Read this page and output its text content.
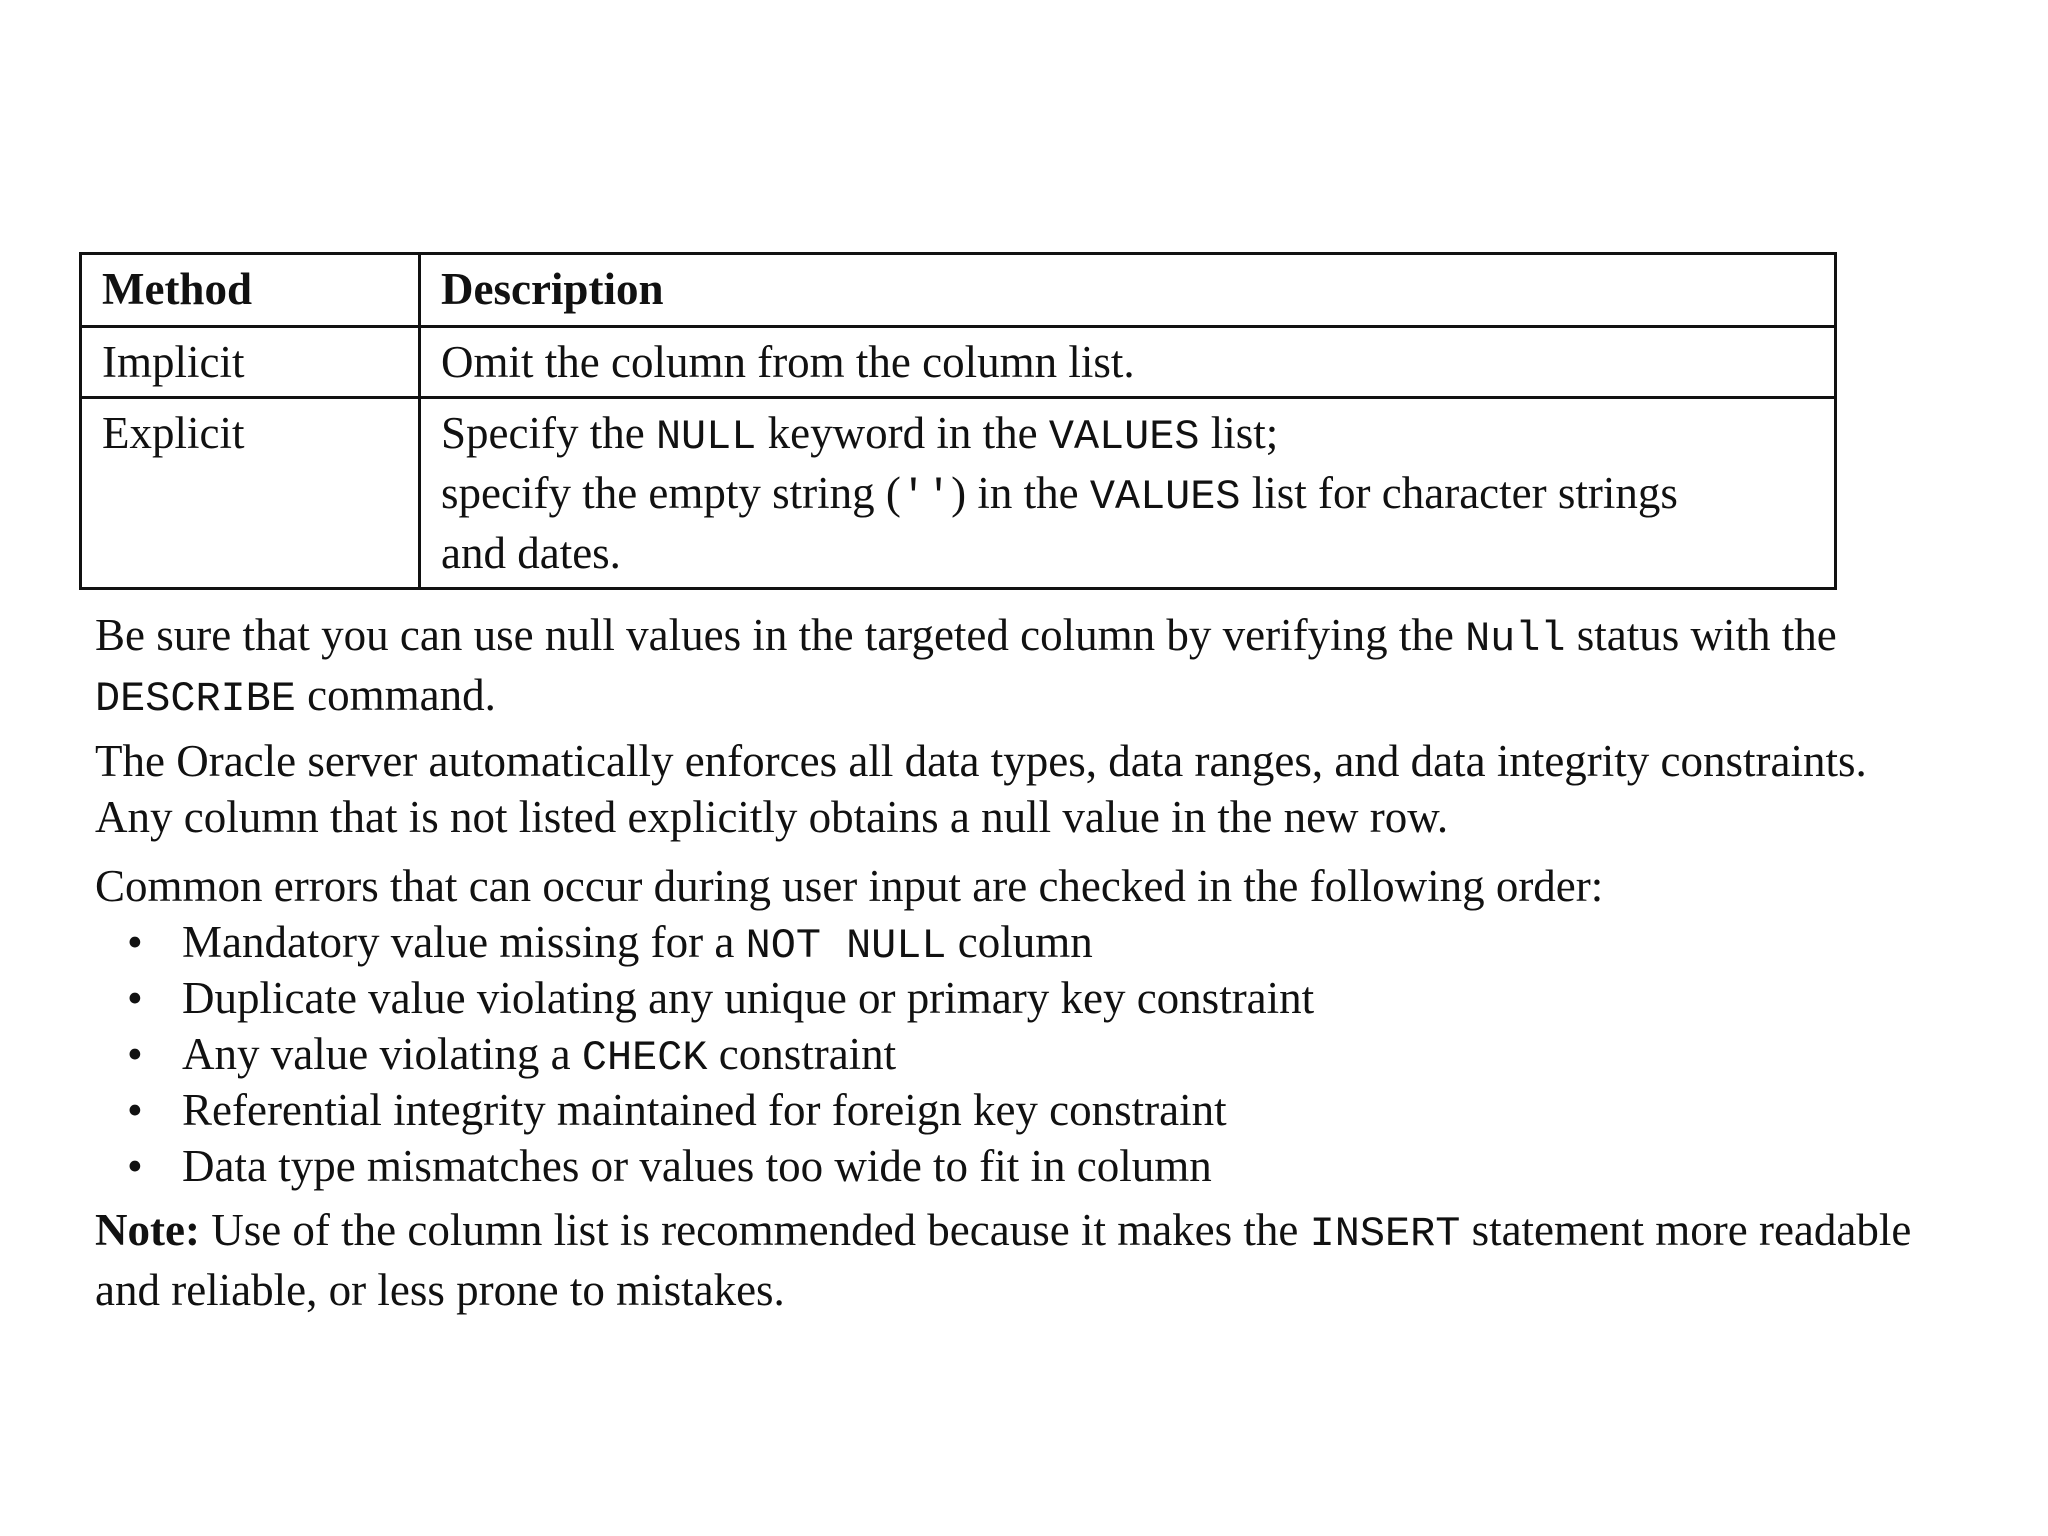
Method	Description
Implicit	Omit the column from the column list.
Explicit	Specify the NULL keyword in the VALUES list;
specify the empty string ('') in the VALUES list for character strings
and dates.
Be sure that you can use null values in the targeted column by verifying the Null status with the
DESCRIBE command.
The Oracle server automatically enforces all data types, data ranges, and data integrity constraints.
Any column that is not listed explicitly obtains a null value in the new row.
Common errors that can occur during user input are checked in the following order:
• Mandatory value missing for a NOT NULL column
• Duplicate value violating any unique or primary key constraint
• Any value violating a CHECK constraint
• Referential integrity maintained for foreign key constraint
• Data type mismatches or values too wide to fit in column
Note: Use of the column list is recommended because it makes the INSERT statement more readable
and reliable, or less prone to mistakes.
